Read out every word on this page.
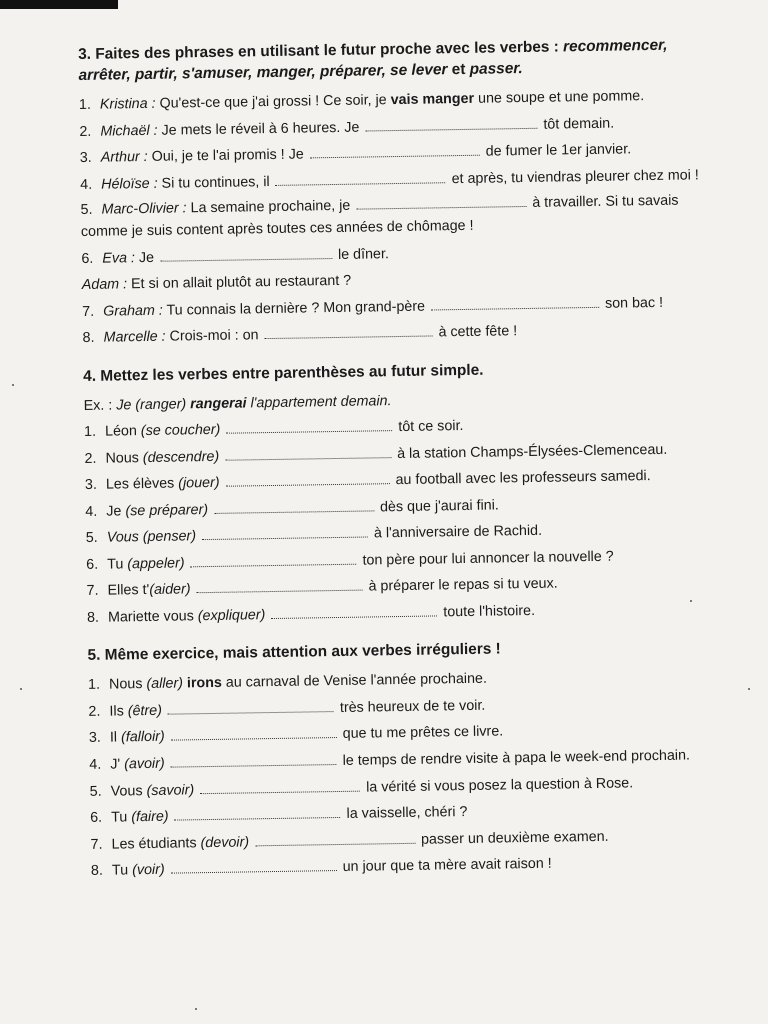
3. Faites des phrases en utilisant le futur proche avec les verbes : recommencer, arrêter, partir, s'amuser, manger, préparer, se lever et passer.
1. Kristina : Qu'est-ce que j'ai grossi ! Ce soir, je vais manger une soupe et une pomme.
2. Michaël : Je mets le réveil à 6 heures. Je	tôt demain.
3. Arthur : Oui, je te l'ai promis ! Je	de fumer le 1er janvier.
4. Héloïse : Si tu continues, il	et après, tu viendras pleurer chez moi !
5. Marc-Olivier : La semaine prochaine, je	à travailler. Si tu savais comme je suis content après toutes ces années de chômage !
6. Eva : Je	le dîner.
Adam : Et si on allait plutôt au restaurant ?
7. Graham : Tu connais la dernière ? Mon grand-père	son bac !
8. Marcelle : Crois-moi : on	à cette fête !
4. Mettez les verbes entre parenthèses au futur simple.
Ex. : Je (ranger) rangerai l'appartement demain.
1. Léon (se coucher)	tôt ce soir.
2. Nous (descendre)	à la station Champs-Élysées-Clemenceau.
3. Les élèves (jouer)	au football avec les professeurs samedi.
4. Je (se préparer)	dès que j'aurai fini.
5. Vous (penser)	à l'anniversaire de Rachid.
6. Tu (appeler)	ton père pour lui annoncer la nouvelle ?
7. Elles t'(aider)	à préparer le repas si tu veux.
8. Mariette vous (expliquer)	toute l'histoire.
5. Même exercice, mais attention aux verbes irréguliers !
1. Nous (aller) irons au carnaval de Venise l'année prochaine.
2. Ils (être)	très heureux de te voir.
3. Il (falloir)	que tu me prêtes ce livre.
4. J' (avoir)	le temps de rendre visite à papa le week-end prochain.
5. Vous (savoir)	la vérité si vous posez la question à Rose.
6. Tu (faire)	la vaisselle, chéri ?
7. Les étudiants (devoir)	passer un deuxième examen.
8. Tu (voir)	un jour que ta mère avait raison !
